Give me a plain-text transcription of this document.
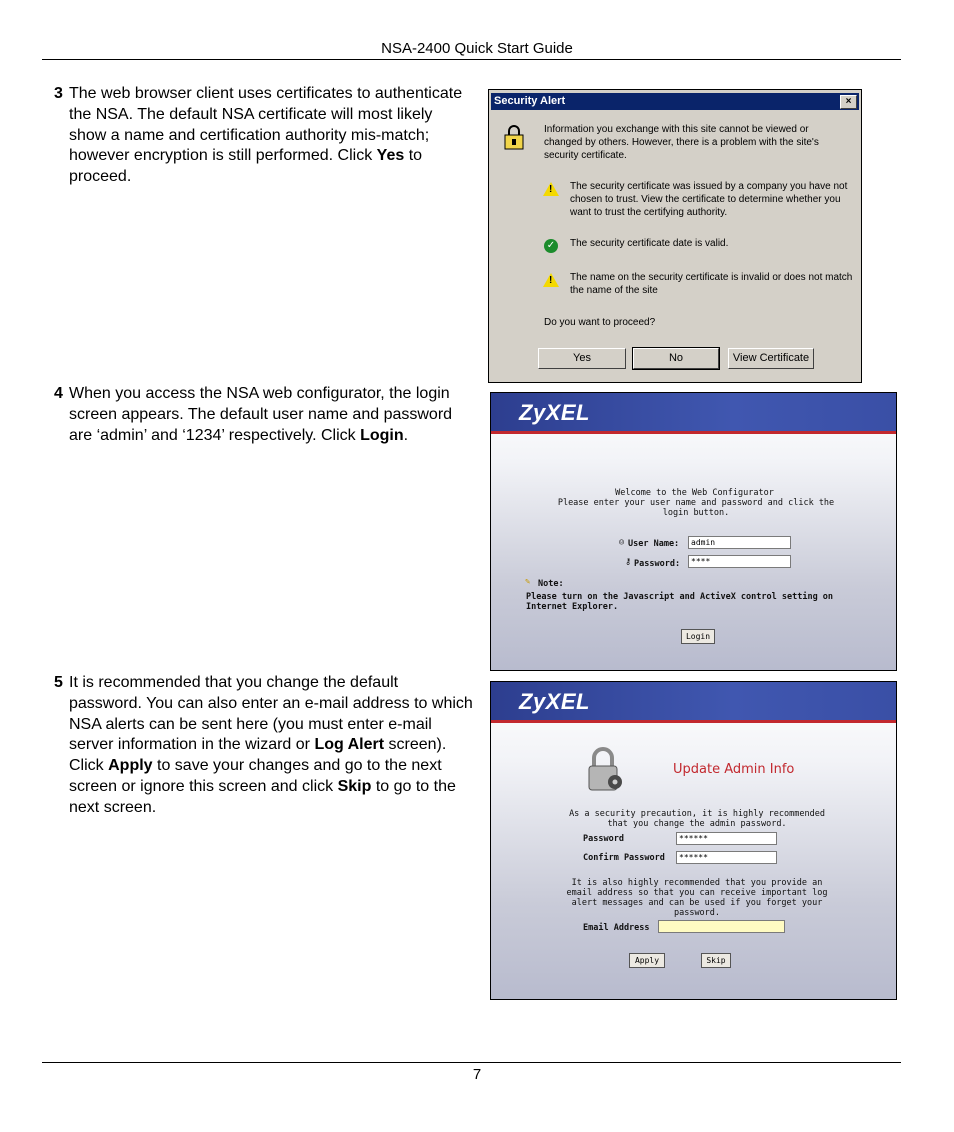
NSA-2400 Quick Start Guide
3 The web browser client uses certificates to authenticate the NSA. The default NSA certificate will most likely show a name and certification authority mis-match; however encryption is still performed. Click Yes to proceed.
Security Alert	×
Information you exchange with this site cannot be viewed or changed by others. However, there is a problem with the site's security certificate.
! The security certificate was issued by a company you have not chosen to trust. View the certificate to determine whether you want to trust the certifying authority.
✓ The security certificate date is valid.
! The name on the security certificate is invalid or does not match the name of the site
Do you want to proceed?
Yes	No	View Certificate
4 When you access the NSA web configurator, the login screen appears. The default user name and password are ‘admin’ and ‘1234’ respectively. Click Login.
ZyXEL
Welcome to the Web Configurator
Please enter your user name and password and click the
login button.
☺ User Name:	admin
⚷ Password:	****
✎ Note:
Please turn on the Javascript and ActiveX control setting on Internet Explorer.
Login
5 It is recommended that you change the default password. You can also enter an e-mail address to which NSA alerts can be sent here (you must enter e-mail server information in the wizard or Log Alert screen). Click Apply to save your changes and go to the next screen or ignore this screen and click Skip to go to the next screen.
ZyXEL
Update Admin Info
As a security precaution, it is highly recommended
that you change the admin password.
Password	******
Confirm Password	******
It is also highly recommended that you provide an
email address so that you can receive important log
alert messages and can be used if you forget your
password.
Email Address
Apply	Skip
7
